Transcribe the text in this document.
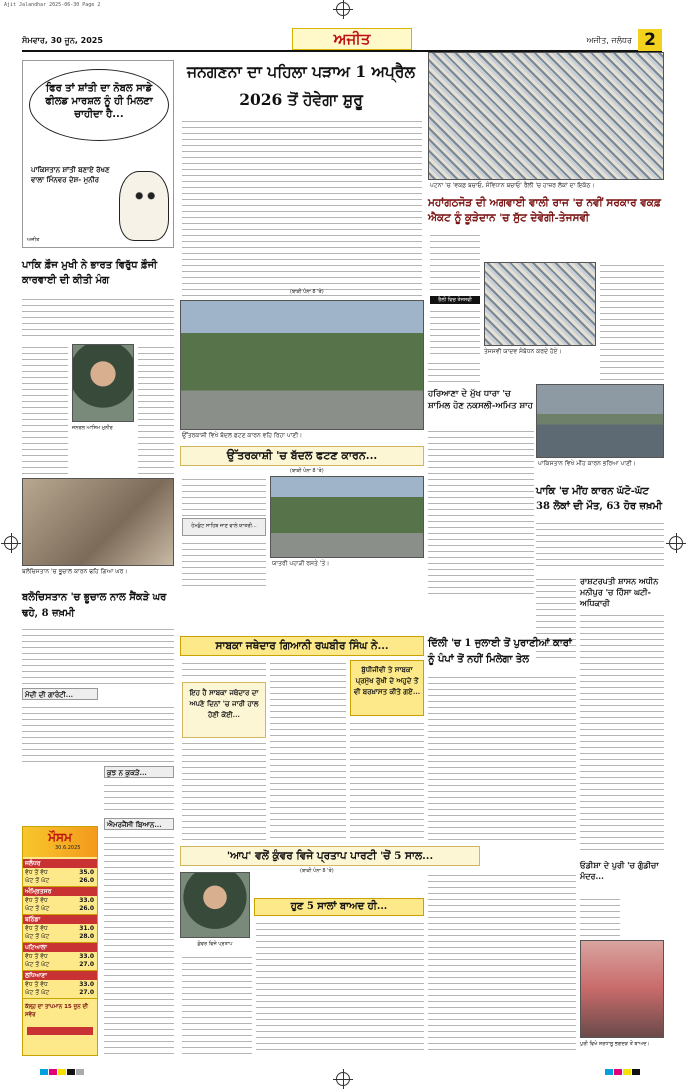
Ajit Jalandhar 2025-06-30 Page 2
ਸੋਮਵਾਰ, 30 ਜੂਨ, 2025	ਅਜੀਤ	ਅਜੀਤ, ਜਲੰਧਰ 2
ਫਿਰ ਤਾਂ ਸ਼ਾਂਤੀ ਦਾ ਨੋਬਲ ਸਾਡੇ ਫੀਲਡ ਮਾਰਸ਼ਲ ਨੂੰ ਹੀ ਮਿਲਣਾ ਚਾਹੀਦਾ ਹੈ...
ਪਾਕਿਸਤਾਨ ਸ਼ਾਂਤੀ ਬਣਾਏ ਰੱਖਣ ਵਾਲਾ ਮਿੰਨਵਰ ਦੇਸ਼- ਮੁਨੀਰ
ਅਜੀਤ
ਜਨਗਣਨਾ ਦਾ ਪਹਿਲਾ ਪੜਾਅ 1 ਅਪ੍ਰੈਲ 2026 ਤੋਂ ਹੋਵੇਗਾ ਸ਼ੁਰੂ
(ਬਾਕੀ ਪੰਨਾ 8 'ਤੇ)
ਪਟਨਾ 'ਚ 'ਵਕਫ਼ ਬਚਾਓ, ਸੰਵਿਧਾਨ ਬਚਾਓ' ਰੈਲੀ 'ਚ ਹਾਜ਼ਰ ਲੋਕਾਂ ਦਾ ਇਕੱਠ।
ਮਹਾਂਗਠਜੋੜ ਦੀ ਅਗਵਾਈ ਵਾਲੀ ਰਾਜ 'ਚ ਨਵੀਂ ਸਰਕਾਰ ਵਕਫ਼ ਐਕਟ ਨੂੰ ਕੂੜੇਦਾਨ 'ਚ ਸੁੱਟ ਦੇਵੇਗੀ-ਤੇਜਸਵੀ
ਰੈਲੀ ਵਿਚ ਤੇਜਸਵੀ
ਤੇਜਸਵੀ ਯਾਦਵ ਸੰਬੋਧਨ ਕਰਦੇ ਹੋਏ।
ਪਾਕਿ ਫ਼ੌਜ ਮੁਖੀ ਨੇ ਭਾਰਤ ਵਿਰੁੱਧ ਫ਼ੌਜੀ ਕਾਰਵਾਈ ਦੀ ਕੀਤੀ ਮੰਗ
ਜਨਰਲ ਆਸਿਮ ਮੁਨੀਰ
ਉੱਤਰਕਾਸ਼ੀ ਵਿਖੇ ਬੱਦਲ ਫਟਣ ਕਾਰਨ ਵਹਿ ਰਿਹਾ ਪਾਣੀ।
ਉੱਤਰਕਾਸ਼ੀ 'ਚ ਬੱਦਲ ਫਟਣ ਕਾਰਨ...
(ਬਾਕੀ ਪੰਨਾ 8 'ਤੇ)
ਹੇਮਕੁੰਟ ਸਾਹਿਬ ਜਾਣ ਵਾਲੇ ਯਾਤਰੀ...
ਯਾਤਰੀ ਪਹਾੜੀ ਰਸਤੇ 'ਤੇ।
ਹਰਿਆਣਾ ਦੇ ਮੁੱਖ ਧਾਰਾ 'ਚ ਸ਼ਾਮਿਲ ਹੋਣ ਨਕਸਲੀ-ਅਮਿਤ ਸ਼ਾਹ
ਪਾਕਿਸਤਾਨ ਵਿਖੇ ਮੀਂਹ ਕਾਰਨ ਭਰਿਆ ਪਾਣੀ।
ਪਾਕਿ 'ਚ ਮੀਂਹ ਕਾਰਨ ਘੱਟੋ-ਘੱਟ 38 ਲੋਕਾਂ ਦੀ ਮੌਤ, 63 ਹੋਰ ਜ਼ਖ਼ਮੀ
ਰਾਸ਼ਟਰਪਤੀ ਸ਼ਾਸਨ ਅਧੀਨ ਮਨੀਪੁਰ 'ਚ ਹਿੰਸਾ ਘਟੀ-ਅਧਿਕਾਰੀ
ਬਲੋਚਿਸਤਾਨ 'ਚ ਭੂਚਾਲ ਕਾਰਨ ਢਹਿ ਗਿਆ ਘਰ।
ਬਲੋਚਿਸਤਾਨ 'ਚ ਭੂਚਾਲ ਨਾਲ ਸੈਂਕੜੇ ਘਰ ਢਹੇ, 8 ਜ਼ਖ਼ਮੀ
ਸਾਬਕਾ ਜਥੇਦਾਰ ਗਿਆਨੀ ਰਘਬੀਰ ਸਿੰਘ ਨੇ...
ਇਹ ਹੈ ਸਾਬਕਾ ਜਥੇਦਾਰ ਦਾ ਅਪਣੇ ਦਿਨਾਂ 'ਚ ਜਾਰੀ ਹਾਲ ਹੋਣੀ ਕੋਈ...
ਬੁੱਧੀਜੀਵੀ ਤੇ ਸਾਬਕਾ ਪ੍ਰਮੁੱਖ ਰੁੱਖੀ ਦੇ ਅਹੁਦੇ ਤੋਂ ਵੀ ਬਰਖ਼ਾਸਤ ਕੀਤੇ ਗਏ...
ਮੋਦੀ ਦੀ ਗਾਰੰਟੀ...
ਕੁਝ ਨ ਕੁਕੜੇ...
ਐਮਰਜੈਂਸੀ ਬਿਆਨ...
ਦਿੱਲੀ 'ਚ 1 ਜੁਲਾਈ ਤੋਂ ਪੁਰਾਣੀਆਂ ਕਾਰਾਂ ਨੂੰ ਪੰਪਾਂ ਤੋਂ ਨਹੀਂ ਮਿਲੇਗਾ ਤੇਲ
'ਆਪ' ਵਲੋਂ ਕੁੰਵਰ ਵਿਜੇ ਪ੍ਰਤਾਪ ਪਾਰਟੀ 'ਚੋਂ 5 ਸਾਲ...
(ਬਾਕੀ ਪੰਨਾ 8 'ਤੇ)
ਕੁੰਵਰ ਵਿਜੇ ਪ੍ਰਤਾਪ
ਹੁਣ 5 ਸਾਲਾਂ ਬਾਅਦ ਹੀ...
ਓਡੀਸ਼ਾ ਦੇ ਪੁਰੀ 'ਚ ਗੁੰਡੀਚਾ ਮੰਦਰ...
ਪੁਰੀ ਵਿਖੇ ਸ਼ਰਧਾਲੂ ਭਗਦੜ ਤੋਂ ਬਾਅਦ।
ਮੌਸਮ
30.6.2025
ਜਲੰਧਰ
ਵੱਧ ਤੋਂ ਵੱਧ	35.0
ਘੱਟ ਤੋਂ ਘੱਟ	26.0
ਅੰਮ੍ਰਿਤਸਰ
ਵੱਧ ਤੋਂ ਵੱਧ	33.0
ਘੱਟ ਤੋਂ ਘੱਟ	26.0
ਬਠਿੰਡਾ
ਵੱਧ ਤੋਂ ਵੱਧ	31.0
ਘੱਟ ਤੋਂ ਘੱਟ	28.0
ਪਟਿਆਲਾ
ਵੱਧ ਤੋਂ ਵੱਧ	33.0
ਘੱਟ ਤੋਂ ਘੱਟ	27.0
ਲੁਧਿਆਣਾ
ਵੱਧ ਤੋਂ ਵੱਧ	33.0
ਘੱਟ ਤੋਂ ਘੱਟ	27.0
ਕੱਲ੍ਹ ਦਾ ਤਾਪਮਾਨ 15 ਜੂਨ ਦੀ ਸਵੇਰ
